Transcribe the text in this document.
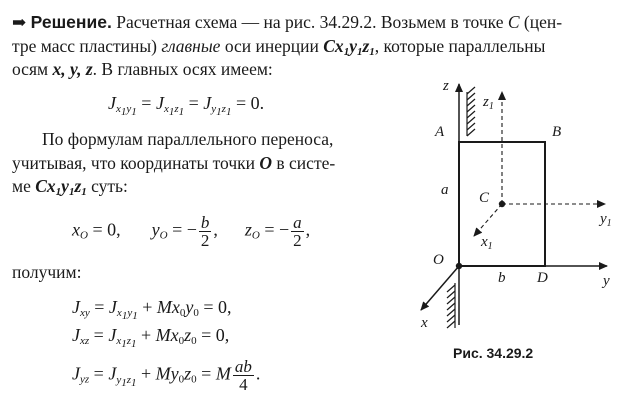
➡ Решение. Расчетная схема — на рис. 34.29.2. Возьмем в точке C (цен-
тре масс пластины) главные оси инерции $Cx_1y_1z_1$, которые параллельны
осям x, y, z. В главных осях имеем:
$J_{x_1y_1} = J_{x_1z_1} = J_{y_1z_1} = 0$.
По формулам параллельного переноса,
учитывая, что координаты точки O в систе-
ме $Cx_1y_1z_1$ суть:
$x_O = 0$,  $y_O$ = − $\frac{b}{2}$ ,  $z_O$ = − $\frac{a}{2}$ ,
получим:
$J_{xy} = J_{x_1y_1} + Mx_0y_0 = 0$,
$J_{xz} = J_{x_1z_1} + Mx_0z_0 = 0$,
$J_{yz} = J_{y_1z_1} + My_0z_0 = M \frac{ab}{4}$ .
z
$z_1$
A	B
a C
$y_1$
$x_1$
O
b D	y
x
Рис. 34.29.2
